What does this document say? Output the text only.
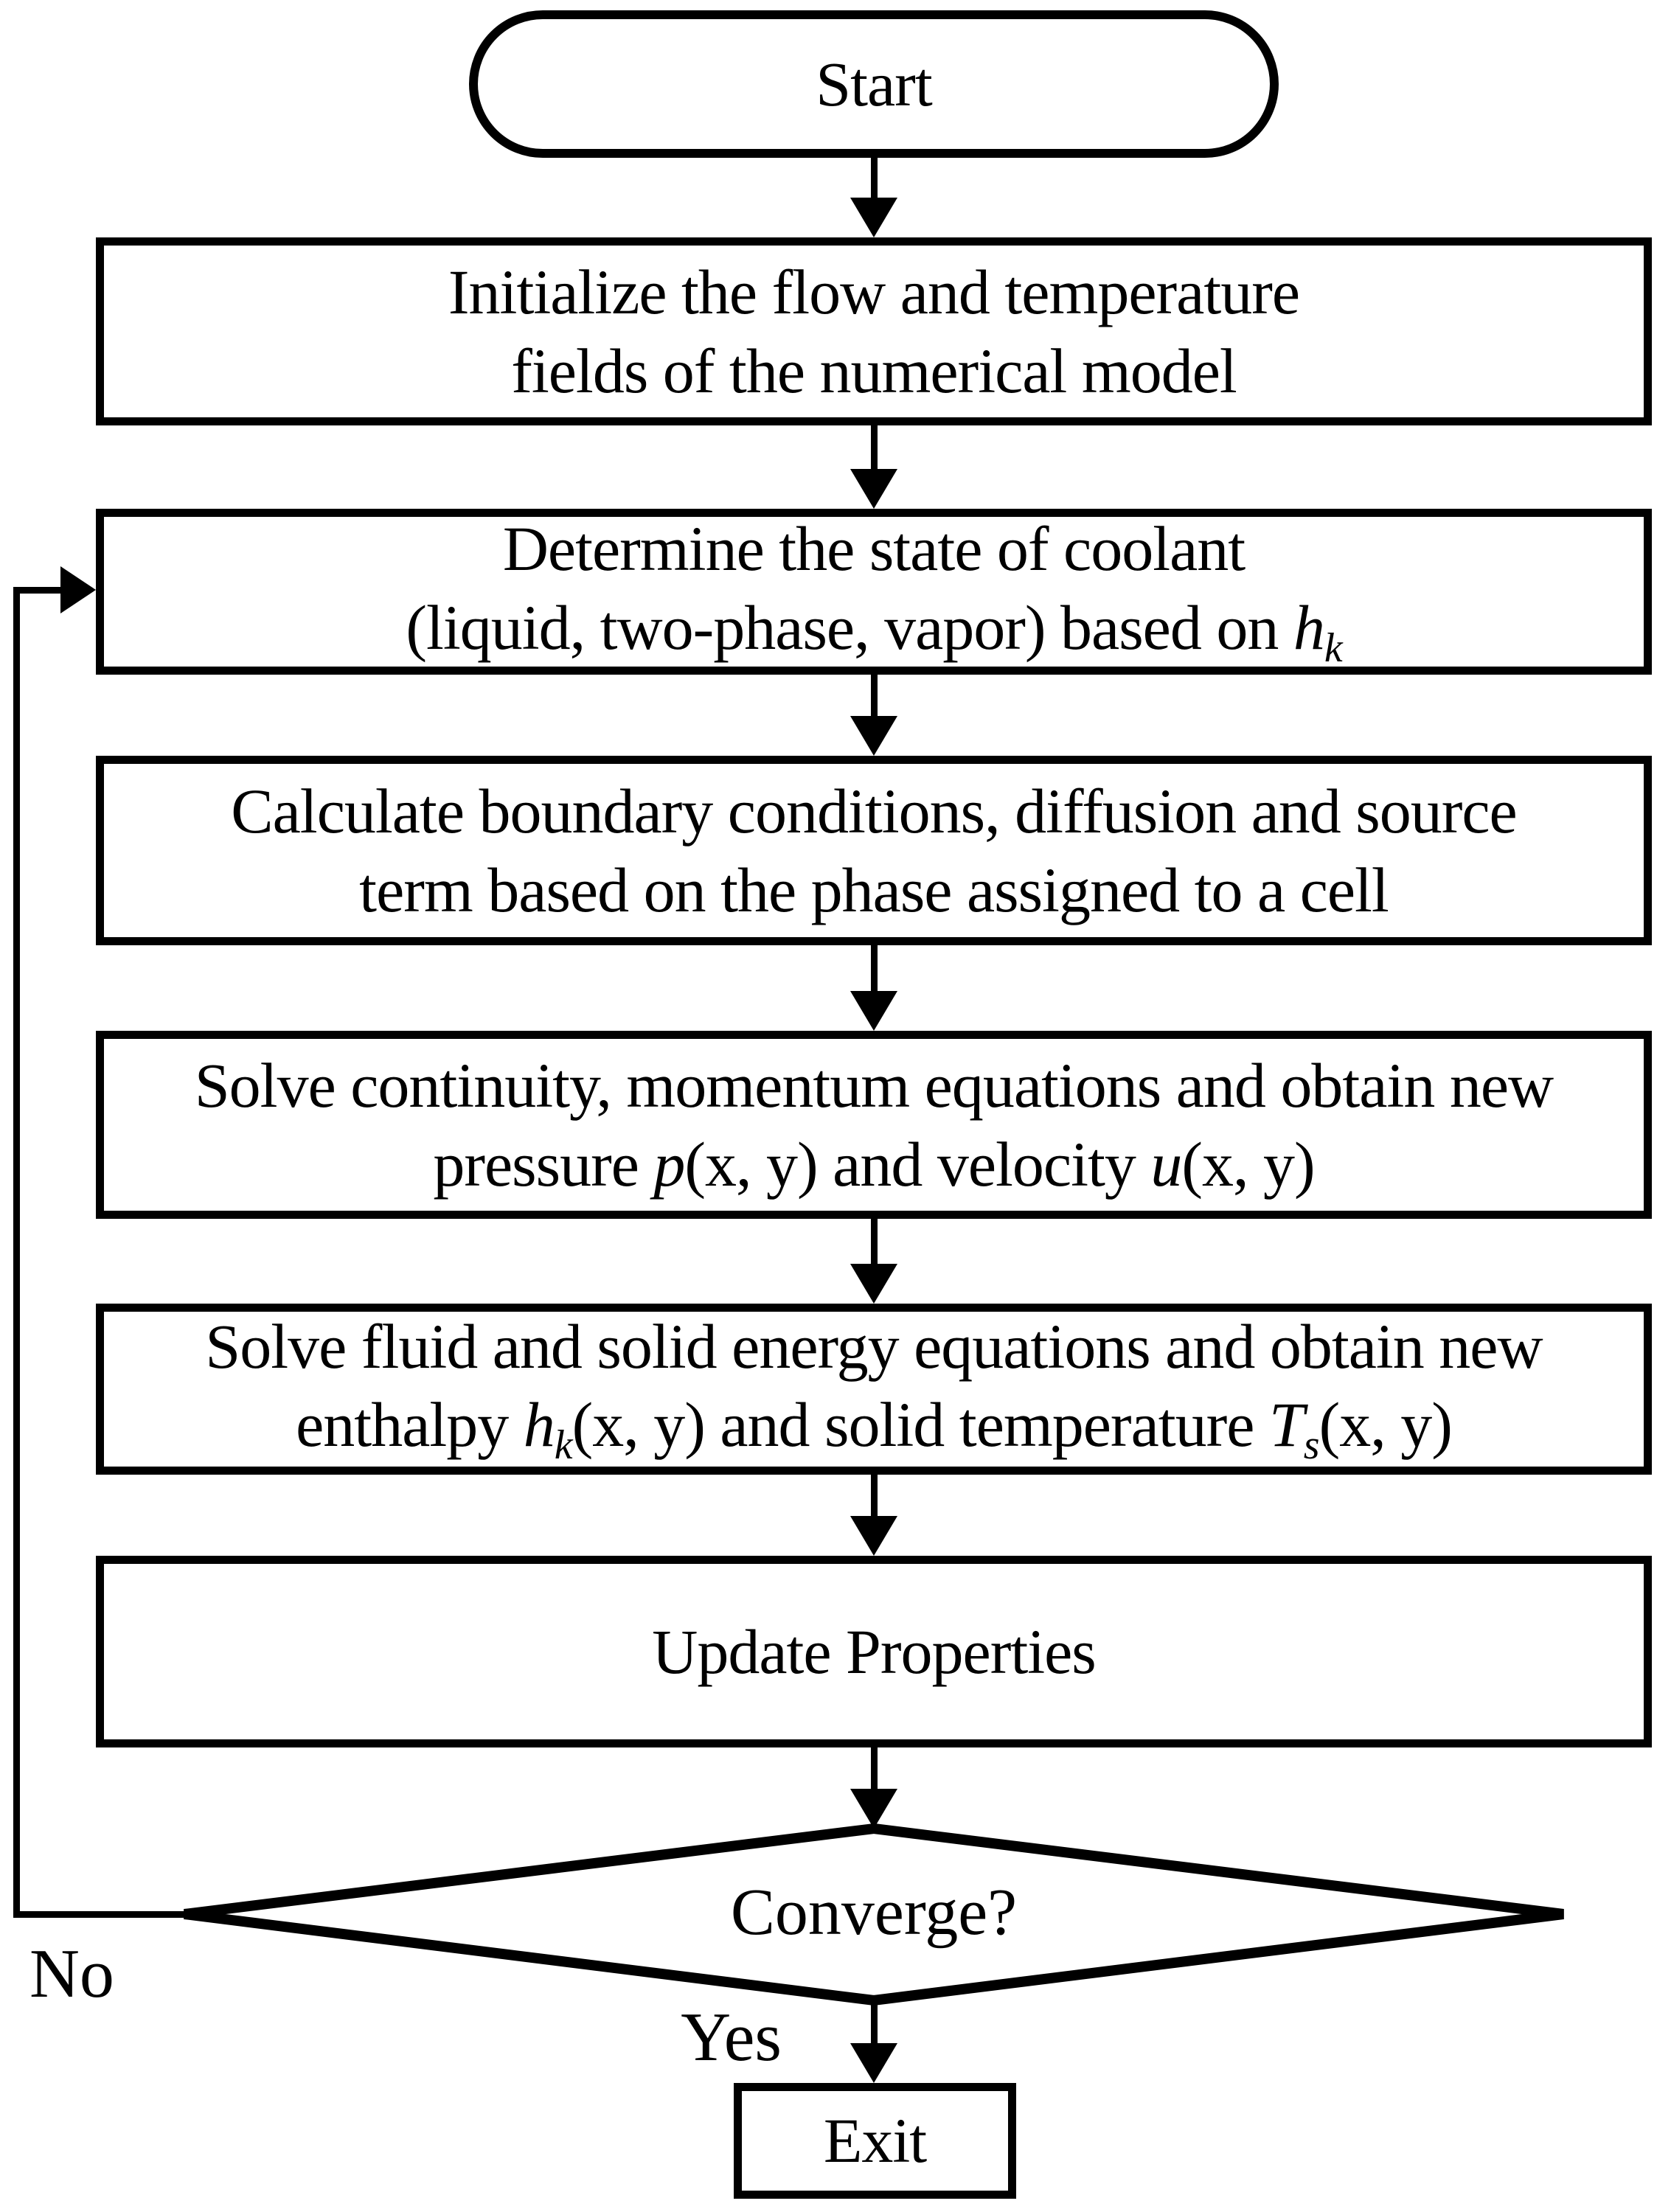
Converge?
Start
Initialize the flow and temperature
fields of the numerical model
Determine the state of coolant
(liquid, two-phase, vapor) based on hk
Calculate boundary conditions, diffusion and source
term based on the phase assigned to a cell
Solve continuity, momentum equations and obtain new
pressure p(x, y) and velocity u(x, y)
Solve fluid and solid energy equations and obtain new
enthalpy hk(x, y) and solid temperature Ts(x, y)
Update Properties
Exit
No
Yes
